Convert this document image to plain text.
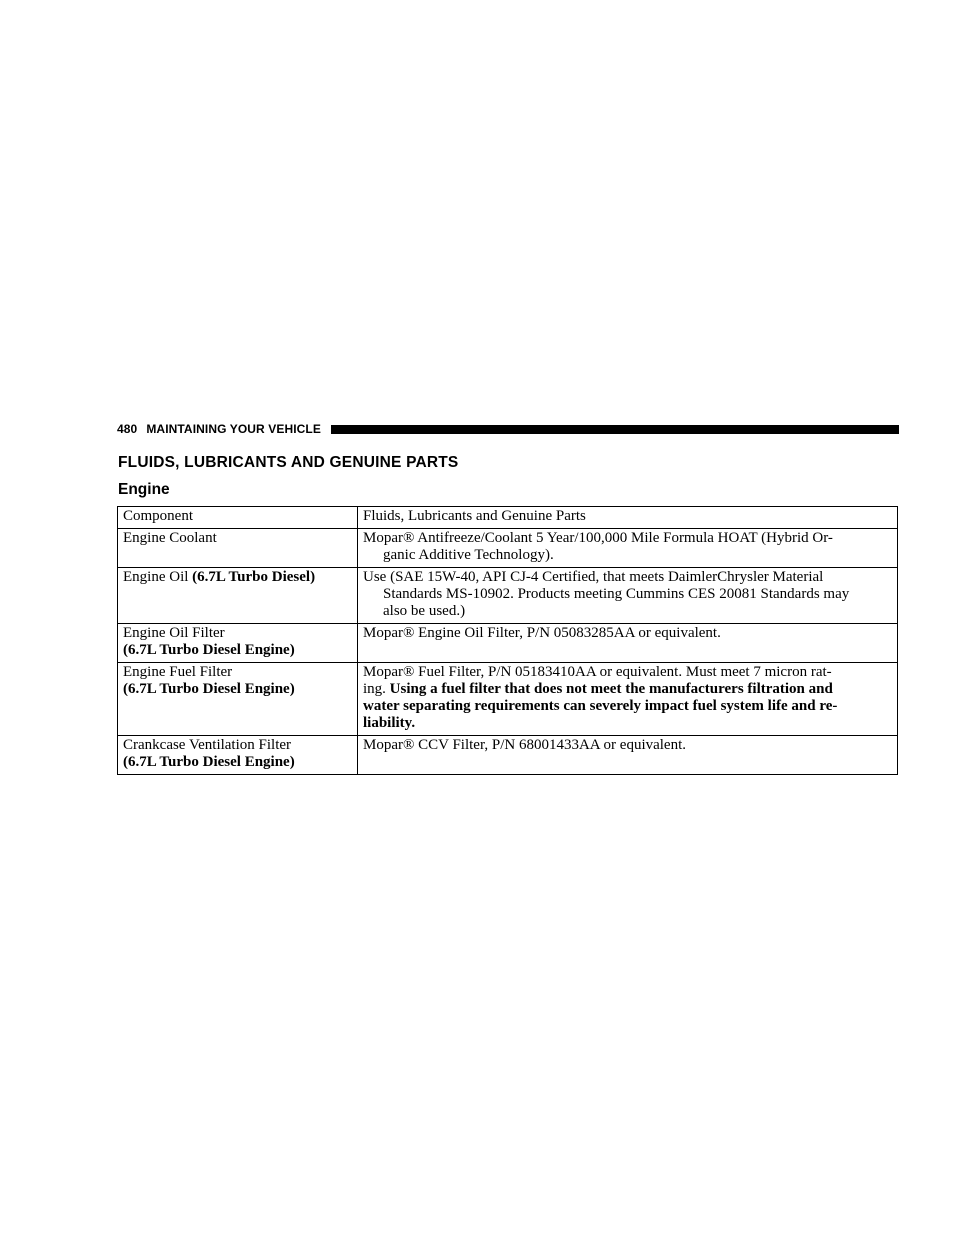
480 MAINTAINING YOUR VEHICLE
FLUIDS, LUBRICANTS AND GENUINE PARTS
Engine
Component	Fluids, Lubricants and Genuine Parts
Engine Coolant	Mopar® Antifreeze/Coolant 5 Year/100,000 Mile Formula HOAT (Hybrid Or-
ganic Additive Technology).

Engine Oil (6.7L Turbo Diesel)	Use (SAE 15W-40, API CJ-4 Certified, that meets DaimlerChrysler Material
Standards MS-10902. Products meeting Cummins CES 20081 Standards may
also be used.)

Engine Oil Filter
(6.7L Turbo Diesel Engine)	Mopar® Engine Oil Filter, P/N 05083285AA or equivalent.

Engine Fuel Filter
(6.7L Turbo Diesel Engine)	Mopar® Fuel Filter, P/N 05183410AA or equivalent. Must meet 7 micron rat-
ing. Using a fuel filter that does not meet the manufacturers filtration and
water separating requirements can severely impact fuel system life and re-
liability.

Crankcase Ventilation Filter
(6.7L Turbo Diesel Engine)	Mopar® CCV Filter, P/N 68001433AA or equivalent.
